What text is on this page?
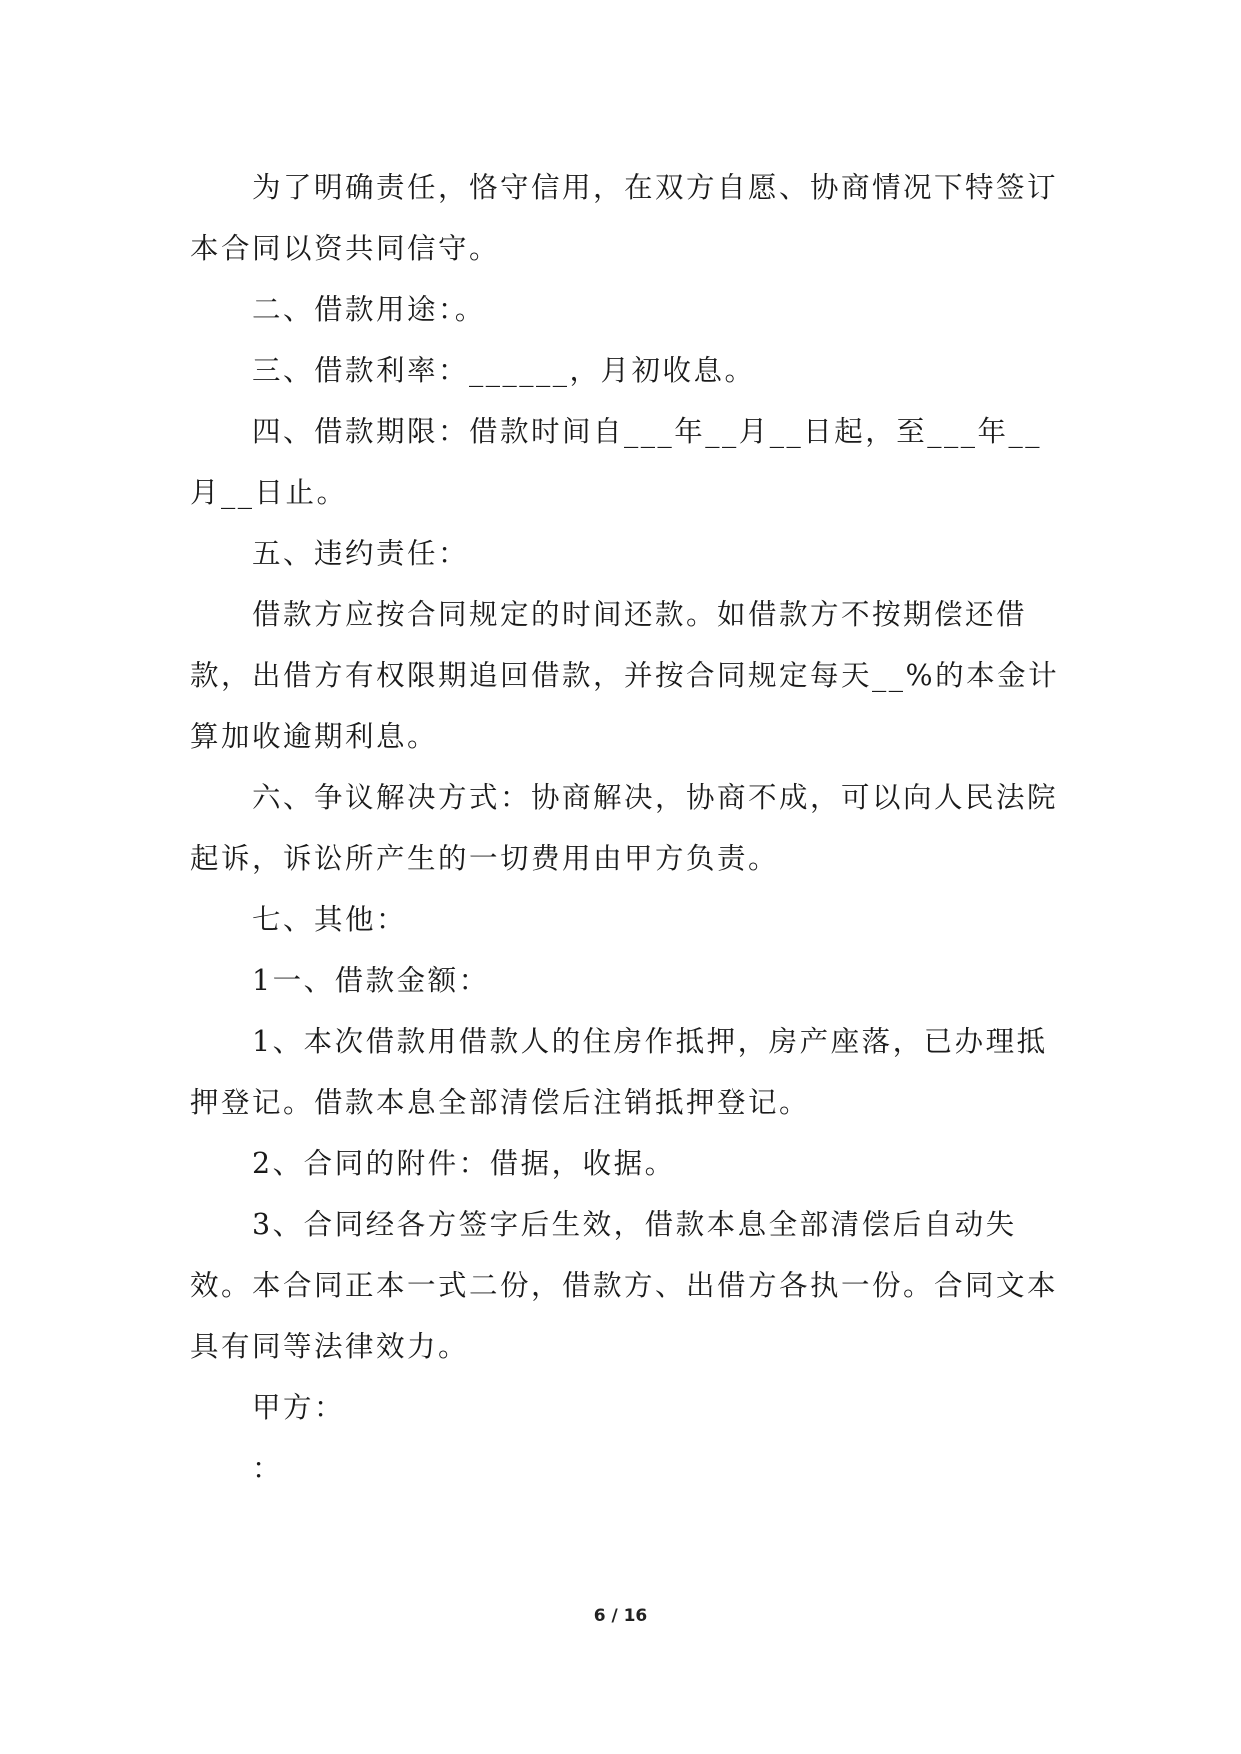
为了明确责任，恪守信用，在双方自愿、协商情况下特签订本合同以资共同信守。

二、借款用途：。

三、借款利率：______，月初收息。

四、借款期限：借款时间自___年__月__日起，至___年__月__日止。

五、违约责任：

借款方应按合同规定的时间还款。如借款方不按期偿还借款，出借方有权限期追回借款，并按合同规定每天__%的本金计算加收逾期利息。

六、争议解决方式：协商解决，协商不成，可以向人民法院起诉，诉讼所产生的一切费用由甲方负责。

七、其他：

1一、借款金额：

1、本次借款用借款人的住房作抵押，房产座落，已办理抵押登记。借款本息全部清偿后注销抵押登记。

2、合同的附件：借据，收据。

3、合同经各方签字后生效，借款本息全部清偿后自动失效。本合同正本一式二份，借款方、出借方各执一份。合同文本具有同等法律效力。

甲方：

：

6 / 16
